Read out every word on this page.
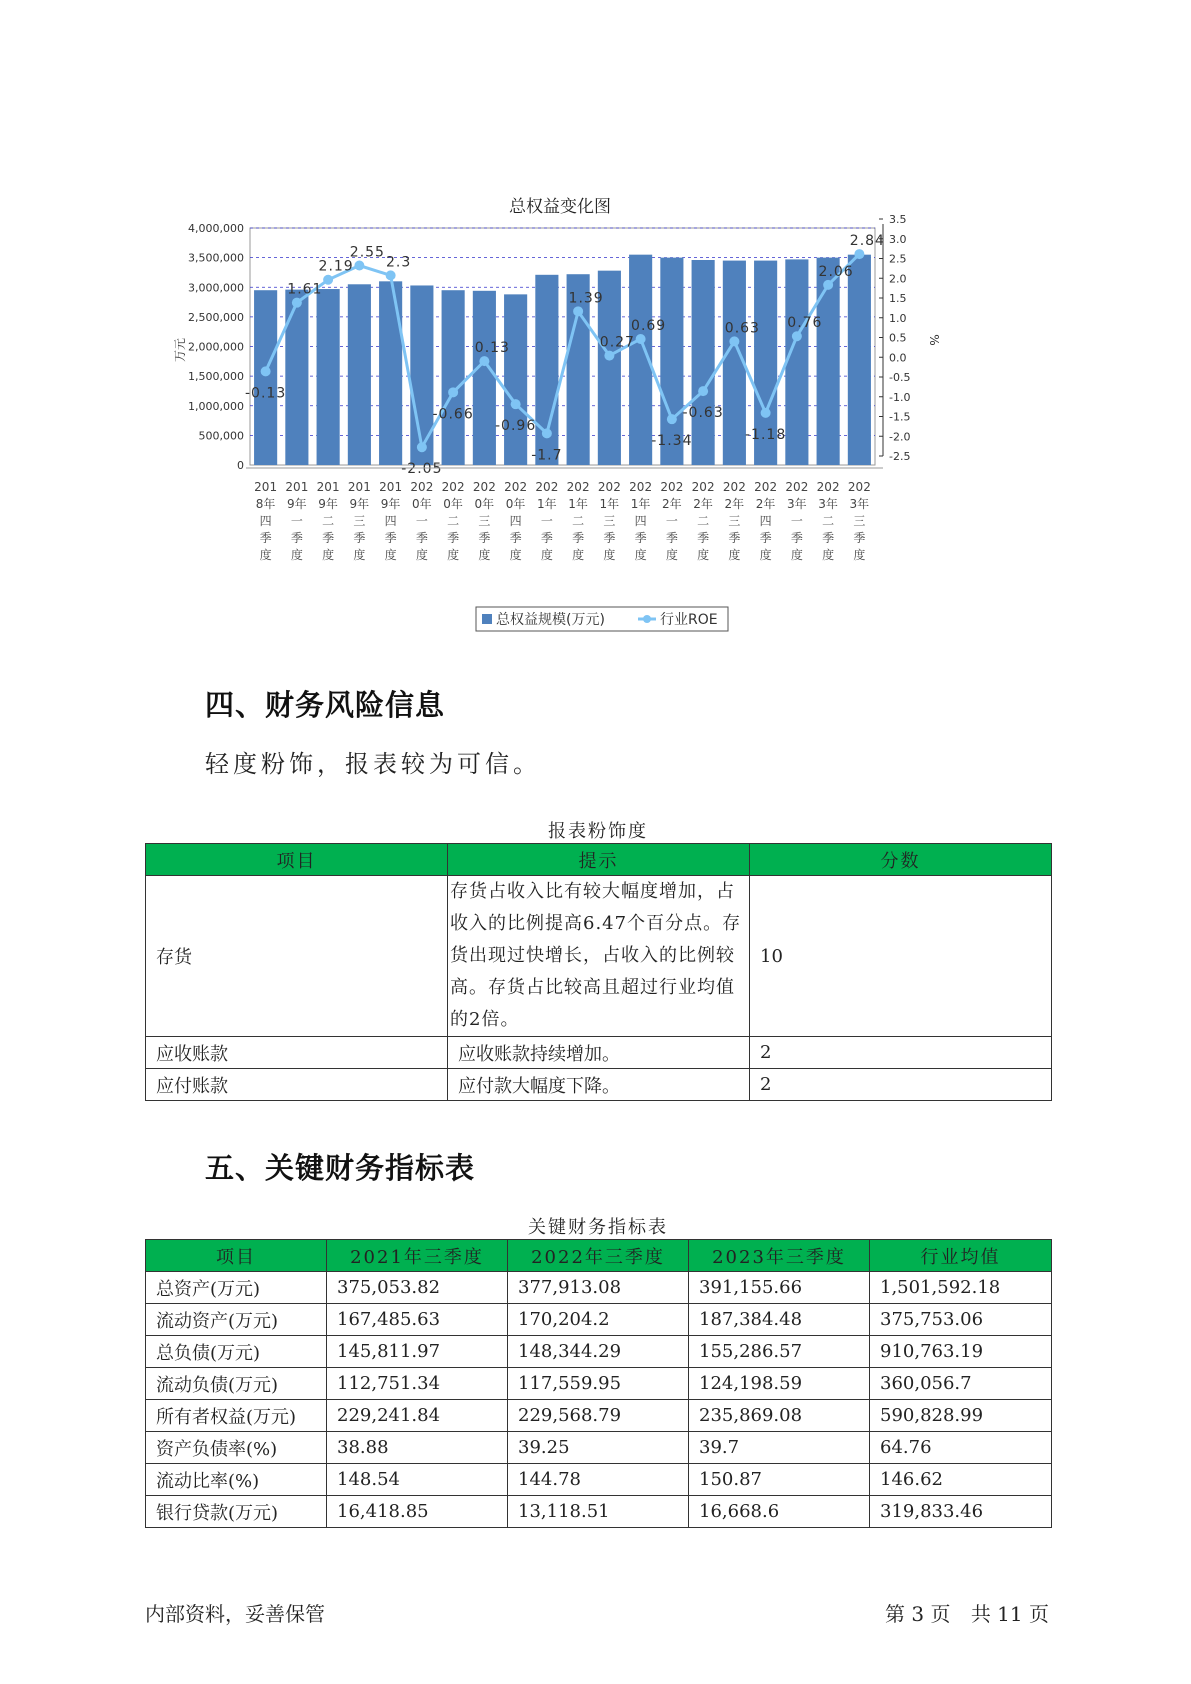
总权益变化图
4,000,000
3,500,000
3,000,000
2,500,000
2,000,000
1,500,000
1,000,000
500,000
0
3.5
3.0
2.5
2.0
1.5
1.0
0.5
0.0
-0.5
-1.0
-1.5
-2.0
-2.5
-0.13
1.61
2.19
2.55
2.3
-2.05
-0.66
0.13
-0.96
-1.7
1.39
0.27
0.69
-1.34
-0.63
0.63
-1.18
0.76
2.06
2.84
201 8年四季度
201 9年一季度
201 9年二季度
201 9年三季度
201 9年四季度
202 0年一季度
202 0年二季度
202 0年三季度
202 0年四季度
202 1年一季度
202 1年二季度
202 1年三季度
202 1年四季度
202 2年一季度
202 2年二季度
202 2年三季度
202 2年四季度
202 3年一季度
202 3年二季度
202 3年三季度
万元	%
总权益规模(万元)	行业ROE
四、财务风险信息
轻度粉饰，报表较为可信。
报表粉饰度
项目	提示	分数
存货	存货占收入比有较大幅度增加，占收入的比例提高6.47个百分点。存货出现过快增长，占收入的比例较高。存货占比较高且超过行业均值的2倍。	10
应收账款	应收账款持续增加。	2
应付账款	应付款大幅度下降。	2
五、关键财务指标表
关键财务指标表
项目	2021年三季度	2022年三季度	2023年三季度	行业均值
总资产(万元)	375,053.82	377,913.08	391,155.66	1,501,592.18
流动资产(万元)	167,485.63	170,204.2	187,384.48	375,753.06
总负债(万元)	145,811.97	148,344.29	155,286.57	910,763.19
流动负债(万元)	112,751.34	117,559.95	124,198.59	360,056.7
所有者权益(万元)	229,241.84	229,568.79	235,869.08	590,828.99
资产负债率(%)	38.88	39.25	39.7	64.76
流动比率(%)	148.54	144.78	150.87	146.62
银行贷款(万元)	16,418.85	13,118.51	16,668.6	319,833.46
内部资料，妥善保管	第 3 页 共 11 页
